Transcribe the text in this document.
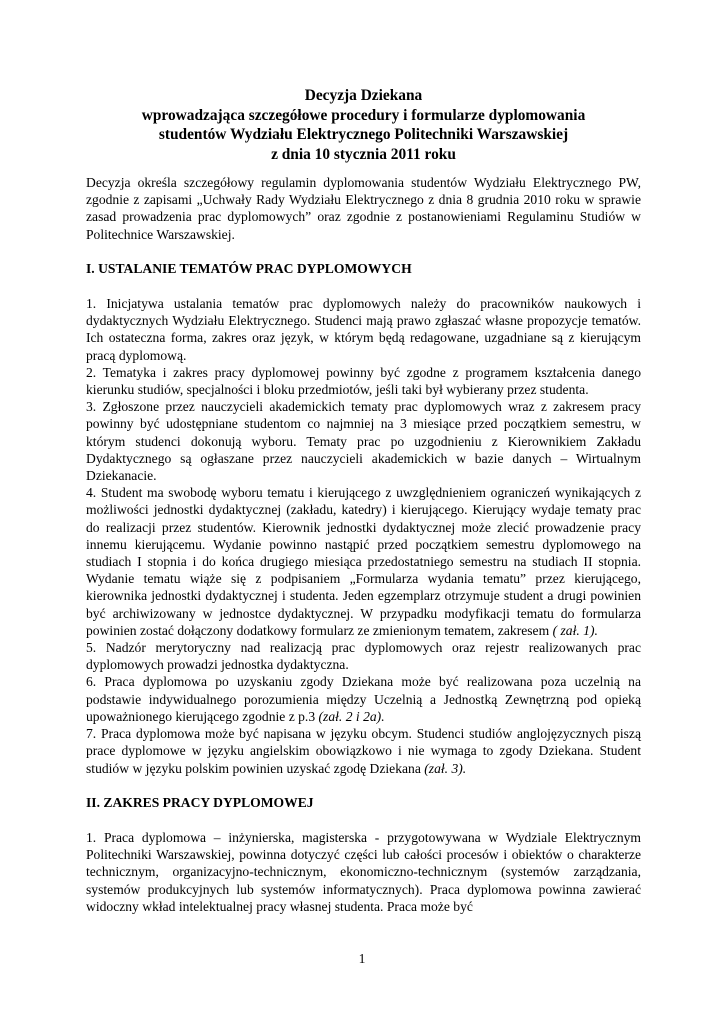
Decyzja Dziekana

wprowadzająca szczegółowe procedury i formularze dyplomowania

studentów Wydziału Elektrycznego Politechniki Warszawskiej

z dnia 10 stycznia 2011 roku

Decyzja określa szczegółowy regulamin dyplomowania studentów Wydziału Elektrycznego PW, zgodnie z zapisami „Uchwały Rady Wydziału Elektrycznego z dnia 8 grudnia 2010 roku w sprawie zasad prowadzenia prac dyplomowych” oraz zgodnie z postanowieniami Regulaminu Studiów w Politechnice Warszawskiej.

I. USTALANIE TEMATÓW PRAC DYPLOMOWYCH

1. Inicjatywa ustalania tematów prac dyplomowych należy do pracowników naukowych i dydaktycznych Wydziału Elektrycznego. Studenci mają prawo zgłaszać własne propozycje tematów. Ich ostateczna forma, zakres oraz język, w którym będą redagowane, uzgadniane są z kierującym pracą dyplomową.

2. Tematyka i zakres pracy dyplomowej powinny być zgodne z programem kształcenia danego kierunku studiów, specjalności i bloku przedmiotów, jeśli taki był wybierany przez studenta.

3. Zgłoszone przez nauczycieli akademickich tematy prac dyplomowych wraz z zakresem pracy powinny być udostępniane studentom co najmniej na 3 miesiące przed początkiem semestru, w którym studenci dokonują wyboru. Tematy prac po uzgodnieniu z Kierownikiem Zakładu Dydaktycznego są ogłaszane przez nauczycieli akademickich w bazie danych – Wirtualnym Dziekanacie.

4. Student ma swobodę wyboru tematu i kierującego z uwzględnieniem ograniczeń wynikających z możliwości jednostki dydaktycznej (zakładu, katedry) i kierującego. Kierujący wydaje tematy prac do realizacji przez studentów. Kierownik jednostki dydaktycznej może zlecić prowadzenie pracy innemu kierującemu. Wydanie powinno nastąpić przed początkiem semestru dyplomowego na studiach I stopnia i do końca drugiego miesiąca przedostatniego semestru na studiach II stopnia. Wydanie tematu wiąże się z podpisaniem „Formularza wydania tematu” przez kierującego, kierownika jednostki dydaktycznej i studenta. Jeden egzemplarz otrzymuje student a drugi powinien być archiwizowany w jednostce dydaktycznej. W przypadku modyfikacji tematu do formularza powinien zostać dołączony dodatkowy formularz ze zmienionym tematem, zakresem ( zał. 1).

5. Nadzór merytoryczny nad realizacją prac dyplomowych oraz rejestr realizowanych prac dyplomowych prowadzi jednostka dydaktyczna.

6. Praca dyplomowa po uzyskaniu zgody Dziekana może być realizowana poza uczelnią na podstawie indywidualnego porozumienia między Uczelnią a Jednostką Zewnętrzną pod opieką upoważnionego kierującego zgodnie z p.3 (zał. 2 i 2a).

7. Praca dyplomowa może być napisana w języku obcym. Studenci studiów anglojęzycznych piszą prace dyplomowe w języku angielskim obowiązkowo i nie wymaga to zgody Dziekana. Student studiów w języku polskim powinien uzyskać zgodę Dziekana (zał. 3).

II. ZAKRES PRACY DYPLOMOWEJ

1. Praca dyplomowa – inżynierska, magisterska - przygotowywana w Wydziale Elektrycznym Politechniki Warszawskiej, powinna dotyczyć części lub całości procesów i obiektów o charakterze technicznym, organizacyjno-technicznym, ekonomiczno-technicznym (systemów zarządzania, systemów produkcyjnych lub systemów informatycznych). Praca dyplomowa powinna zawierać widoczny wkład intelektualnej pracy własnej studenta. Praca może być

1
